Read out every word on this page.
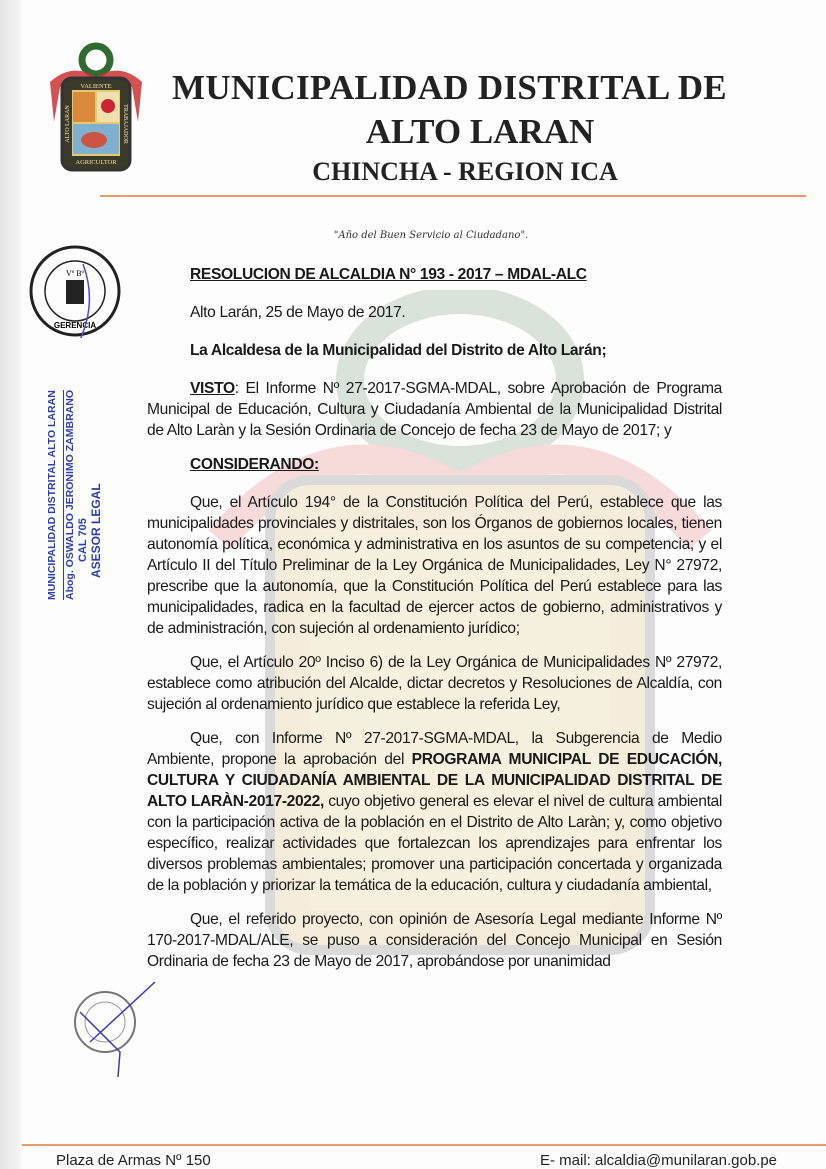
VALIENTE
TRABAJADOR
AGRICULTOR
ALTO LARAN
MUNICIPALIDAD DISTRITAL DE
ALTO LARAN
CHINCHA - REGION ICA
"Año del Buen Servicio al Ciudadano".
Vº Bº
GERENCIA
MUNICIPALIDAD DISTRITAL ALTO LARAN Abog. OSWALDO JERONIMO ZAMBRANO CAL 705 ASESOR LEGAL
RESOLUCION DE ALCALDIA N° 193 - 2017 – MDAL-ALC
Alto Larán, 25 de Mayo de 2017.
La Alcaldesa de la Municipalidad del Distrito de Alto Larán;
VISTO: El Informe Nº 27-2017-SGMA-MDAL, sobre Aprobación de Programa Municipal de Educación, Cultura y Ciudadanía Ambiental de la Municipalidad Distrital de Alto Laràn y la Sesión Ordinaria de Concejo de fecha 23 de Mayo de 2017; y
CONSIDERANDO:
Que, el Artículo 194° de la Constitución Política del Perú, establece que las municipalidades provinciales y distritales, son los Órganos de gobiernos locales, tienen autonomía política, económica y administrativa en los asuntos de su competencia; y el Artículo II del Título Preliminar de la Ley Orgánica de Municipalidades, Ley N° 27972, prescribe que la autonomía, que la Constitución Política del Perú establece para las municipalidades, radica en la facultad de ejercer actos de gobierno, administrativos y de administración, con sujeción al ordenamiento jurídico;
Que, el Artículo 20º Inciso 6) de la Ley Orgánica de Municipalidades Nº 27972, establece como atribución del Alcalde, dictar decretos y Resoluciones de Alcaldía, con sujeción al ordenamiento jurídico que establece la referida Ley,
Que, con Informe Nº 27-2017-SGMA-MDAL, la Subgerencia de Medio Ambiente, propone la aprobación del PROGRAMA MUNICIPAL DE EDUCACIÓN, CULTURA Y CIUDADANÍA AMBIENTAL DE LA MUNICIPALIDAD DISTRITAL DE ALTO LARÀN-2017-2022, cuyo objetivo general es elevar el nivel de cultura ambiental con la participación activa de la población en el Distrito de Alto Laràn; y, como objetivo específico, realizar actividades que fortalezcan los aprendizajes para enfrentar los diversos problemas ambientales; promover una participación concertada y organizada de la población y priorizar la temática de la educación, cultura y ciudadanía ambiental,
Que, el referido proyecto, con opinión de Asesoría Legal mediante Informe Nº 170-2017-MDAL/ALE, se puso a consideración del Concejo Municipal en Sesión Ordinaria de fecha 23 de Mayo de 2017, aprobándose por unanimidad
Plaza de Armas Nº 150	E- mail: alcaldia@munilaran.gob.pe
